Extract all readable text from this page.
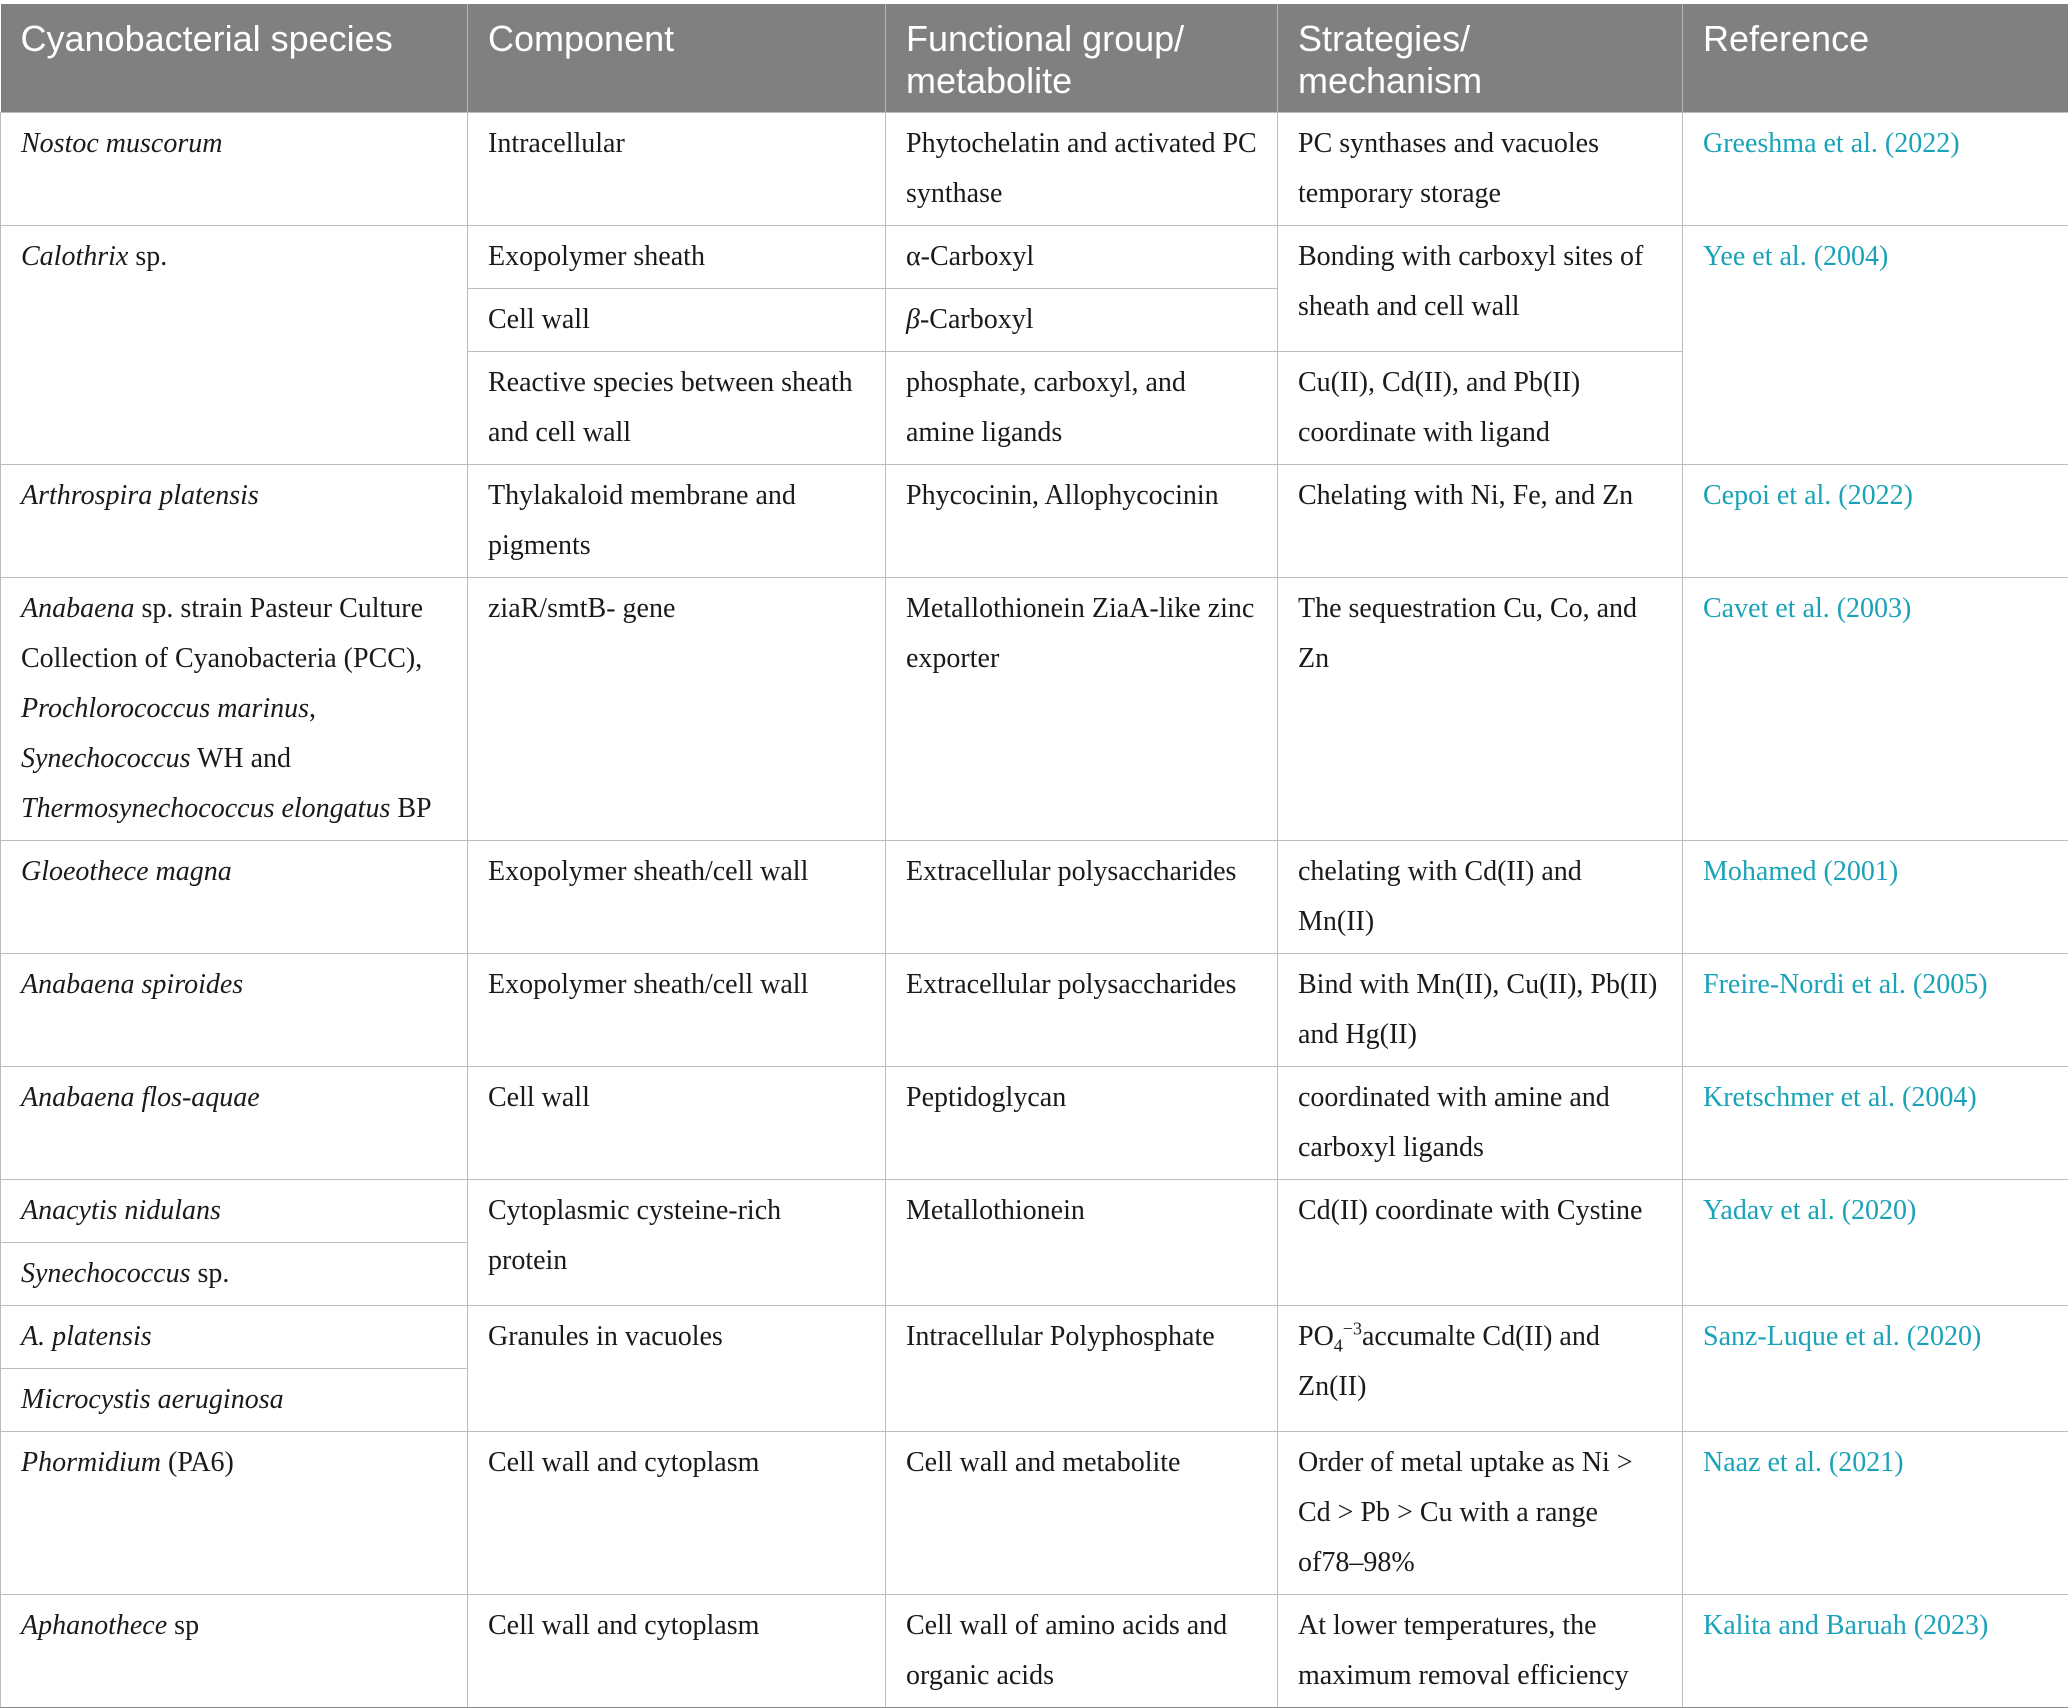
Cyanobacterial species	Component	Functional group/ metabolite	Strategies/ mechanism	Reference
Nostoc muscorum	Intracellular	Phytochelatin and activated PC synthase	PC synthases and vacuoles temporary storage	Greeshma et al. (2022)
Calothrix sp.	Exopolymer sheath	α-Carboxyl	Bonding with carboxyl sites of sheath and cell wall	Yee et al. (2004)
	Cell wall	β-Carboxyl		
	Reactive species between sheath and cell wall	phosphate, carboxyl, and amine ligands	Cu(II), Cd(II), and Pb(II) coordinate with ligand	
Arthrospira platensis	Thylakaloid membrane and pigments	Phycocinin, Allophycocinin	Chelating with Ni, Fe, and Zn	Cepoi et al. (2022)
Anabaena sp. strain Pasteur Culture Collection of Cyanobacteria (PCC),
Prochlorococcus marinus,
Synechococcus WH and
Thermosynechococcus elongatus BP	ziaR/smtB- gene	Metallothionein ZiaA-like zinc exporter	The sequestration Cu, Co, and Zn	Cavet et al. (2003)
Gloeothece magna	Exopolymer sheath/cell wall	Extracellular polysaccharides	chelating with Cd(II) and Mn(II)	Mohamed (2001)
Anabaena spiroides	Exopolymer sheath/cell wall	Extracellular polysaccharides	Bind with Mn(II), Cu(II), Pb(II) and Hg(II)	Freire-Nordi et al. (2005)
Anabaena flos-aquae	Cell wall	Peptidoglycan	coordinated with amine and carboxyl ligands	Kretschmer et al. (2004)
Anacytis nidulans	Cytoplasmic cysteine-rich protein	Metallothionein	Cd(II) coordinate with Cystine	Yadav et al. (2020)
Synechococcus sp.				
A. platensis	Granules in vacuoles	Intracellular Polyphosphate	$PO_4^{-3}accumalte$ Cd(II) and Zn(II)	Sanz-Luque et al. (2020)
Microcystis aeruginosa				
Phormidium (PA6)	Cell wall and cytoplasm	Cell wall and metabolite	Order of metal uptake as Ni > Cd > Pb > Cu with a range of78–98%	Naaz et al. (2021)
Aphanothece sp	Cell wall and cytoplasm	Cell wall of amino acids and organic acids	At lower temperatures, the maximum removal efficiency	Kalita and Baruah (2023)
